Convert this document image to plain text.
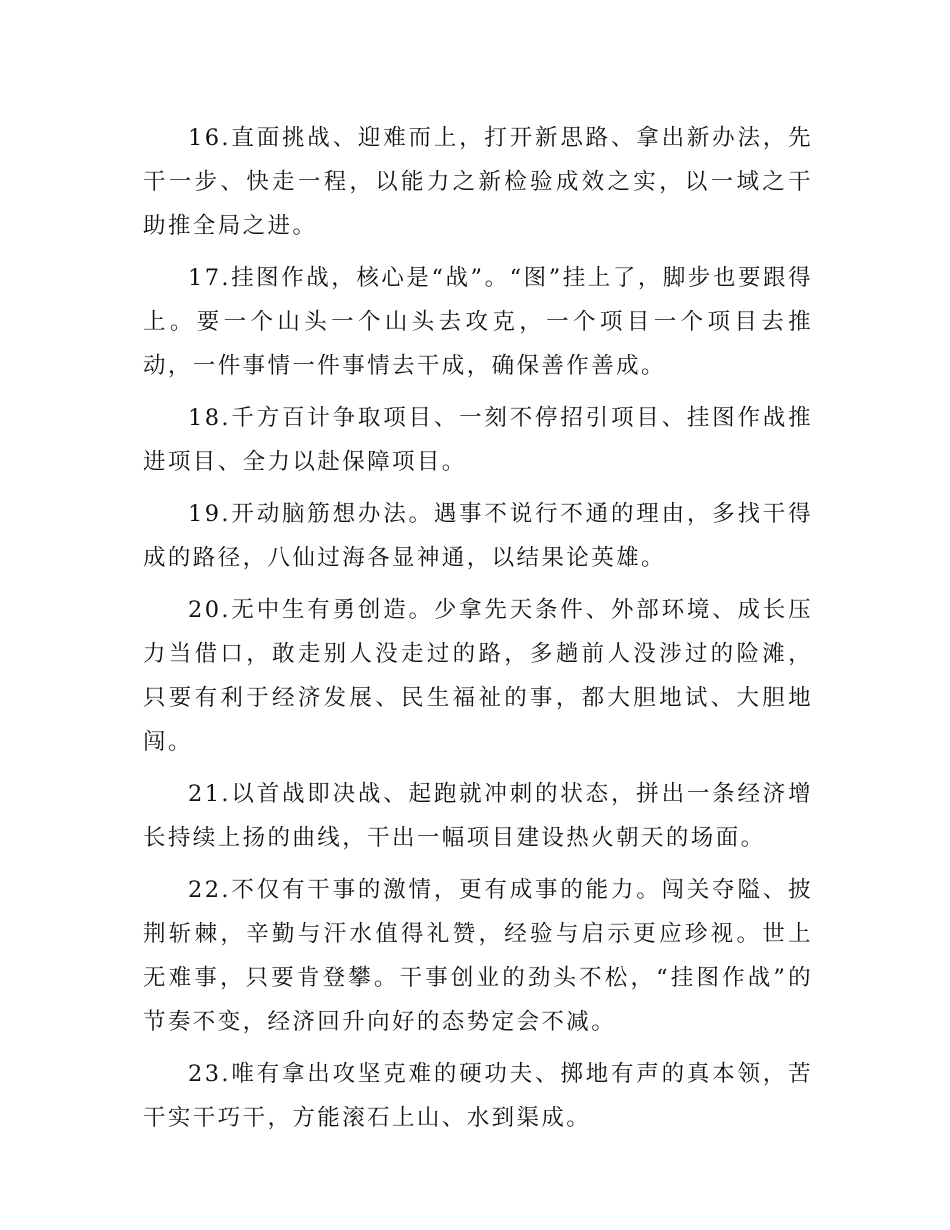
16.直面挑战、迎难而上，打开新思路、拿出新办法，先干一步、快走一程，以能力之新检验成效之实，以一域之干助推全局之进。

17.挂图作战，核心是“战”。“图”挂上了，脚步也要跟得上。要一个山头一个山头去攻克，一个项目一个项目去推动，一件事情一件事情去干成，确保善作善成。

18.千方百计争取项目、一刻不停招引项目、挂图作战推进项目、全力以赴保障项目。

19.开动脑筋想办法。遇事不说行不通的理由，多找干得成的路径，八仙过海各显神通，以结果论英雄。

20.无中生有勇创造。少拿先天条件、外部环境、成长压力当借口，敢走别人没走过的路，多趟前人没涉过的险滩，只要有利于经济发展、民生福祉的事，都大胆地试、大胆地闯。

21.以首战即决战、起跑就冲刺的状态，拼出一条经济增长持续上扬的曲线，干出一幅项目建设热火朝天的场面。

22.不仅有干事的激情，更有成事的能力。闯关夺隘、披荆斩棘，辛勤与汗水值得礼赞，经验与启示更应珍视。世上无难事，只要肯登攀。干事创业的劲头不松，“挂图作战”的节奏不变，经济回升向好的态势定会不减。

23.唯有拿出攻坚克难的硬功夫、掷地有声的真本领，苦干实干巧干，方能滚石上山、水到渠成。
